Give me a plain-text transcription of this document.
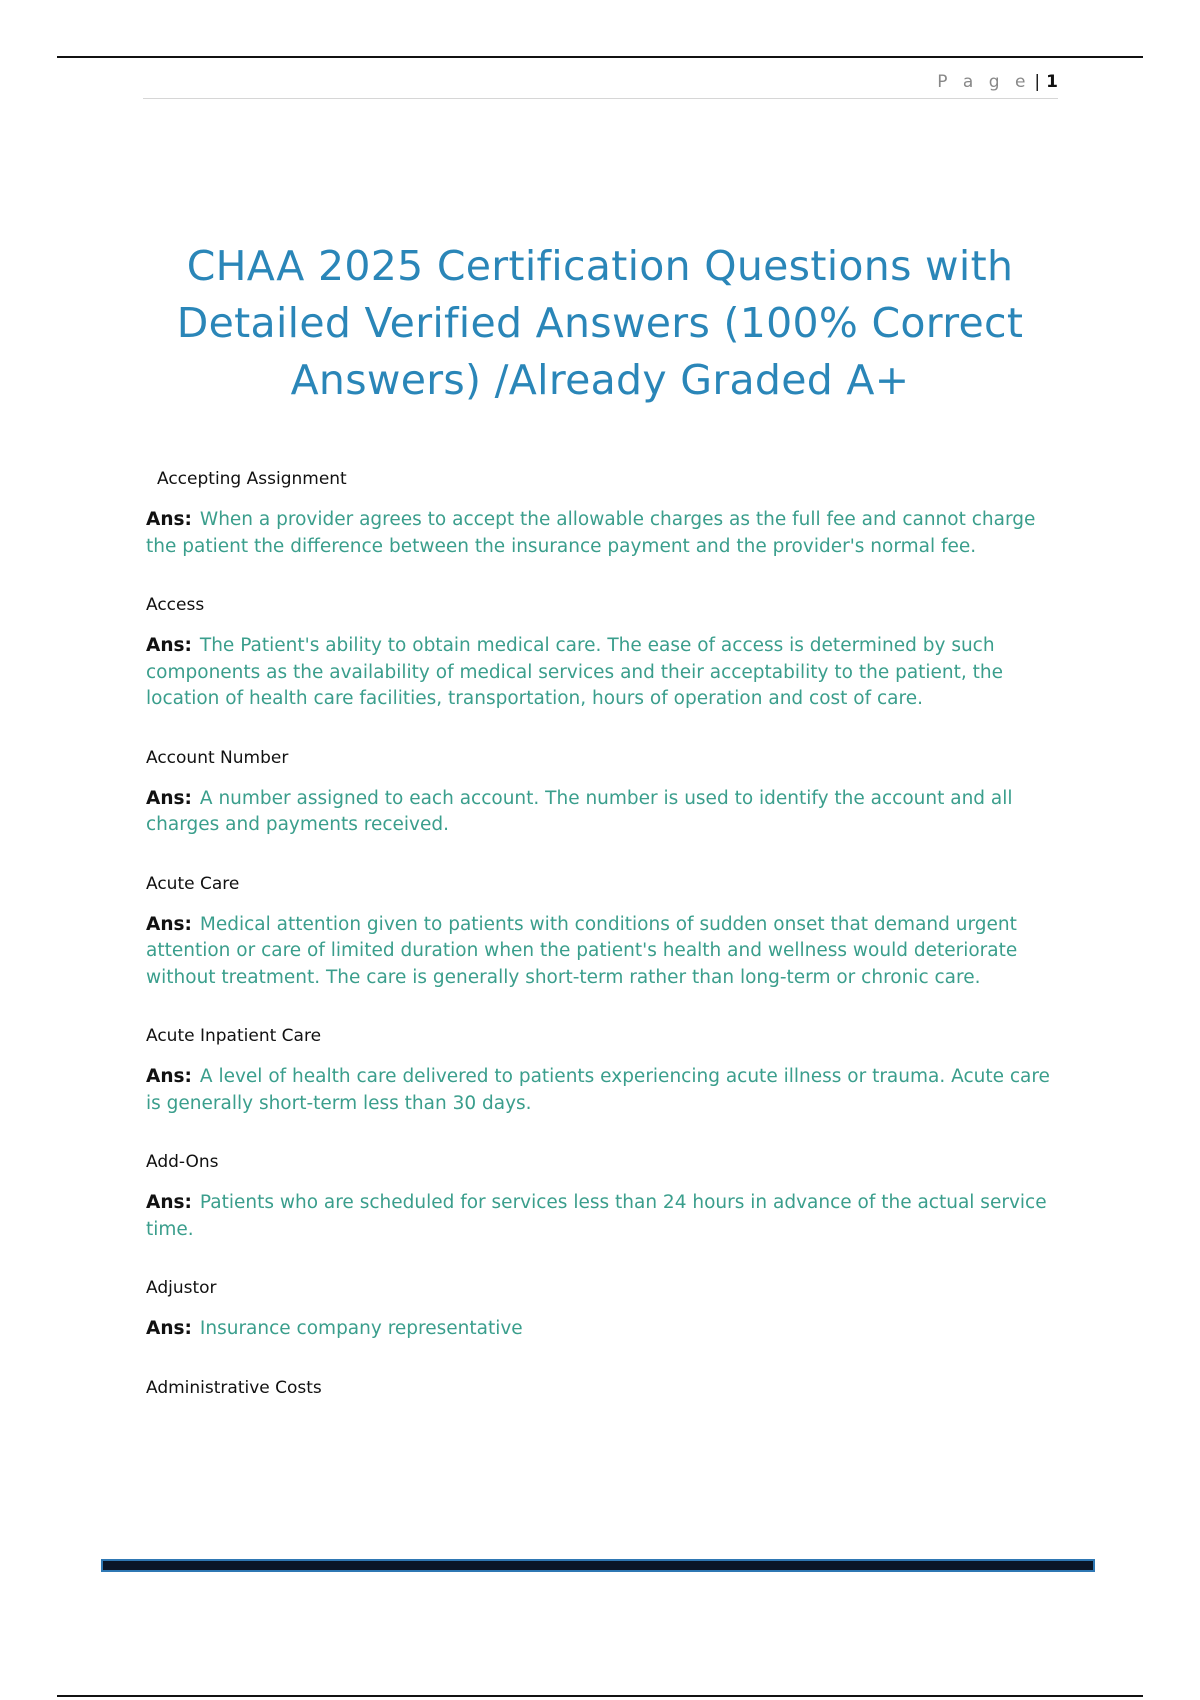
P a g e | 1
CHAA 2025 Certification Questions with Detailed Verified Answers (100% Correct Answers) /Already Graded A+
Accepting Assignment

Ans: When a provider agrees to accept the allowable charges as the full fee and cannot charge the patient the difference between the insurance payment and the provider's normal fee.

Access

Ans: The Patient's ability to obtain medical care. The ease of access is determined by such components as the availability of medical services and their acceptability to the patient, the location of health care facilities, transportation, hours of operation and cost of care.

Account Number

Ans: A number assigned to each account. The number is used to identify the account and all charges and payments received.

Acute Care

Ans: Medical attention given to patients with conditions of sudden onset that demand urgent attention or care of limited duration when the patient's health and wellness would deteriorate without treatment. The care is generally short-term rather than long-term or chronic care.

Acute Inpatient Care

Ans: A level of health care delivered to patients experiencing acute illness or trauma. Acute care is generally short-term less than 30 days.

Add-Ons

Ans: Patients who are scheduled for services less than 24 hours in advance of the actual service time.

Adjustor

Ans: Insurance company representative

Administrative Costs
